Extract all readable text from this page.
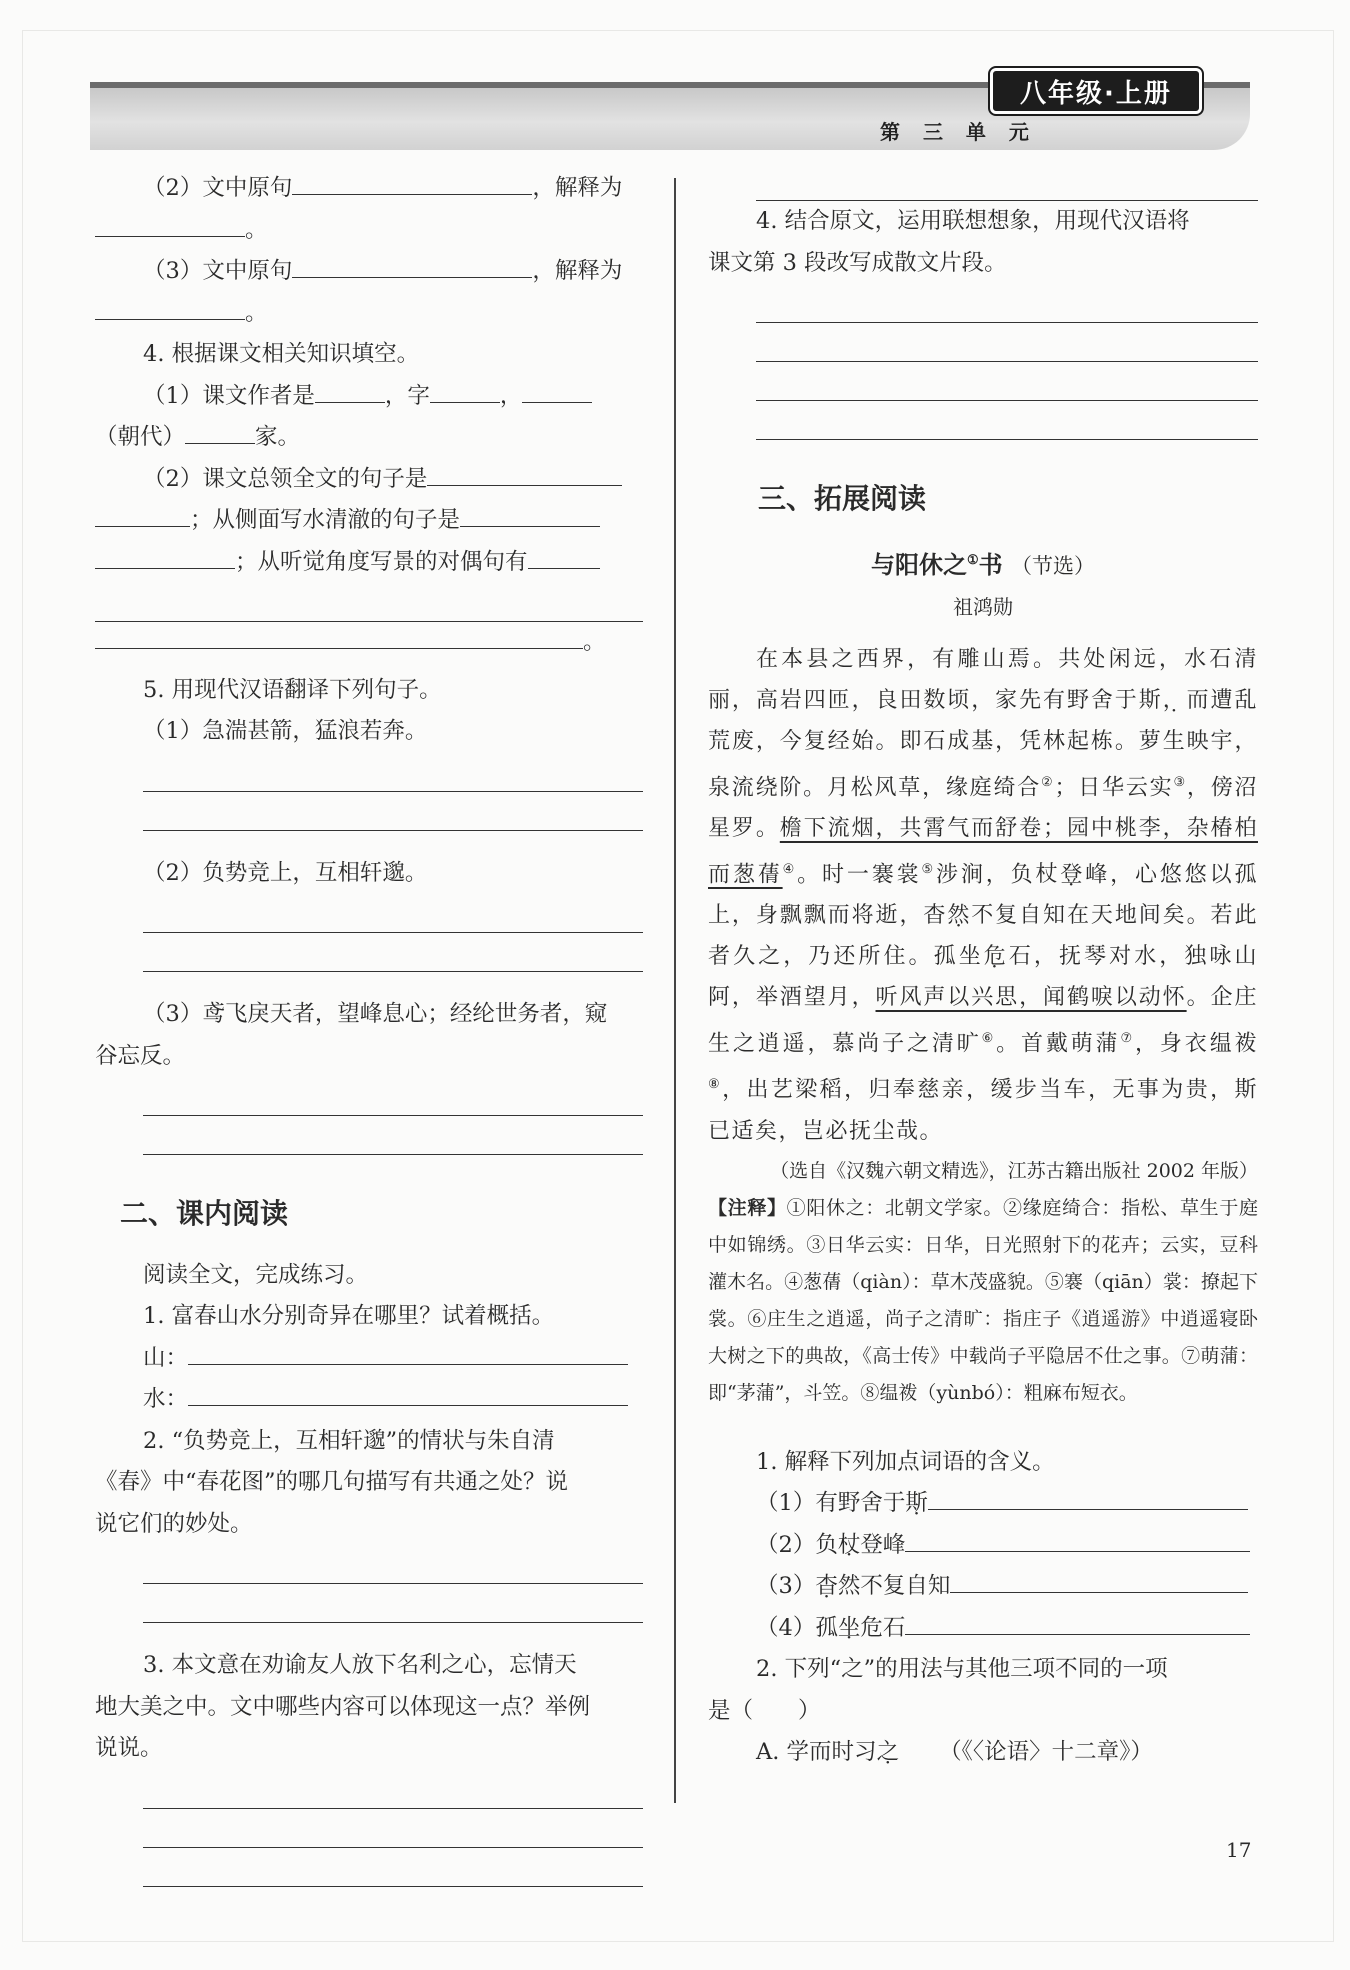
八年级·上册
第 三 单 元
（2）文中原句	，解释为
。
（3）文中原句	，解释为
。
4. 根据课文相关知识填空。
（1）课文作者是	，字	，
（朝代）	家。
（2）课文总领全文的句子是
；从侧面写水清澈的句子是
；从听觉角度写景的对偶句有
。
5. 用现代汉语翻译下列句子。
（1）急湍甚箭，猛浪若奔。
（2）负势竞上，互相轩邈。
（3）鸢飞戾天者，望峰息心；经纶世务者，窥
谷忘反。
二、课内阅读
阅读全文，完成练习。
1. 富春山水分别奇异在哪里？试着概括。
山：
水：
2. “负势竞上，互相轩邈”的情状与朱自清
《春》中“春花图”的哪几句描写有共通之处？说
说它们的妙处。
3. 本文意在劝谕友人放下名利之心，忘情天
地大美之中。文中哪些内容可以体现这一点？举例
说说。
4. 结合原文，运用联想想象，用现代汉语将
课文第 3 段改写成散文片段。
三、拓展阅读
与阳休之①书 （节选）
祖鸿勋
在本县之西界，有雕山焉。共处闲远，水石清丽，高岩四匝，良田数顷，家先有野舍于斯，而遭乱荒废，今复经始。即石成基，凭林起栋。萝生映宇，泉流绕阶。月松风草，缘庭绮合②；日华云实③，傍沼星罗。檐下流烟，共霄气而舒卷；园中桃李，杂椿柏而葱蒨④。时一褰裳⑤涉涧，负杖登峰，心悠悠以孤上，身飘飘而将逝，杳然不复自知在天地间矣。若此者久之，乃还所住。孤坐危石，抚琴对水，独咏山阿，举酒望月，听风声以兴思，闻鹤唳以动怀。企庄生之逍遥，慕尚子之清旷⑥。首戴萌蒲⑦，身衣缊袯⑧，出艺梁稻，归奉慈亲，缓步当车，无事为贵，斯已适矣，岂必抚尘哉。
（选自《汉魏六朝文精选》，江苏古籍出版社 2002 年版）
【注释】①阳休之：北朝文学家。②缘庭绮合：指松、草生于庭中如锦绣。③日华云实：日华，日光照射下的花卉；云实，豆科灌木名。④葱蒨（qiàn）：草木茂盛貌。⑤褰（qiān）裳：撩起下裳。⑥庄生之逍遥，尚子之清旷：指庄子《逍遥游》中逍遥寝卧大树之下的典故，《高士传》中载尚子平隐居不仕之事。⑦萌蒲：即“茅蒲”，斗笠。⑧缊袯（yùnbó）：粗麻布短衣。
1. 解释下列加点词语的含义。
（1）有野舍于斯
（2）负杖登峰
（3）杳然不复自知
（4）孤坐危石
2. 下列“之”的用法与其他三项不同的一项
是（　　）
A. 学而时习之 （《〈论语〉十二章》）
17
